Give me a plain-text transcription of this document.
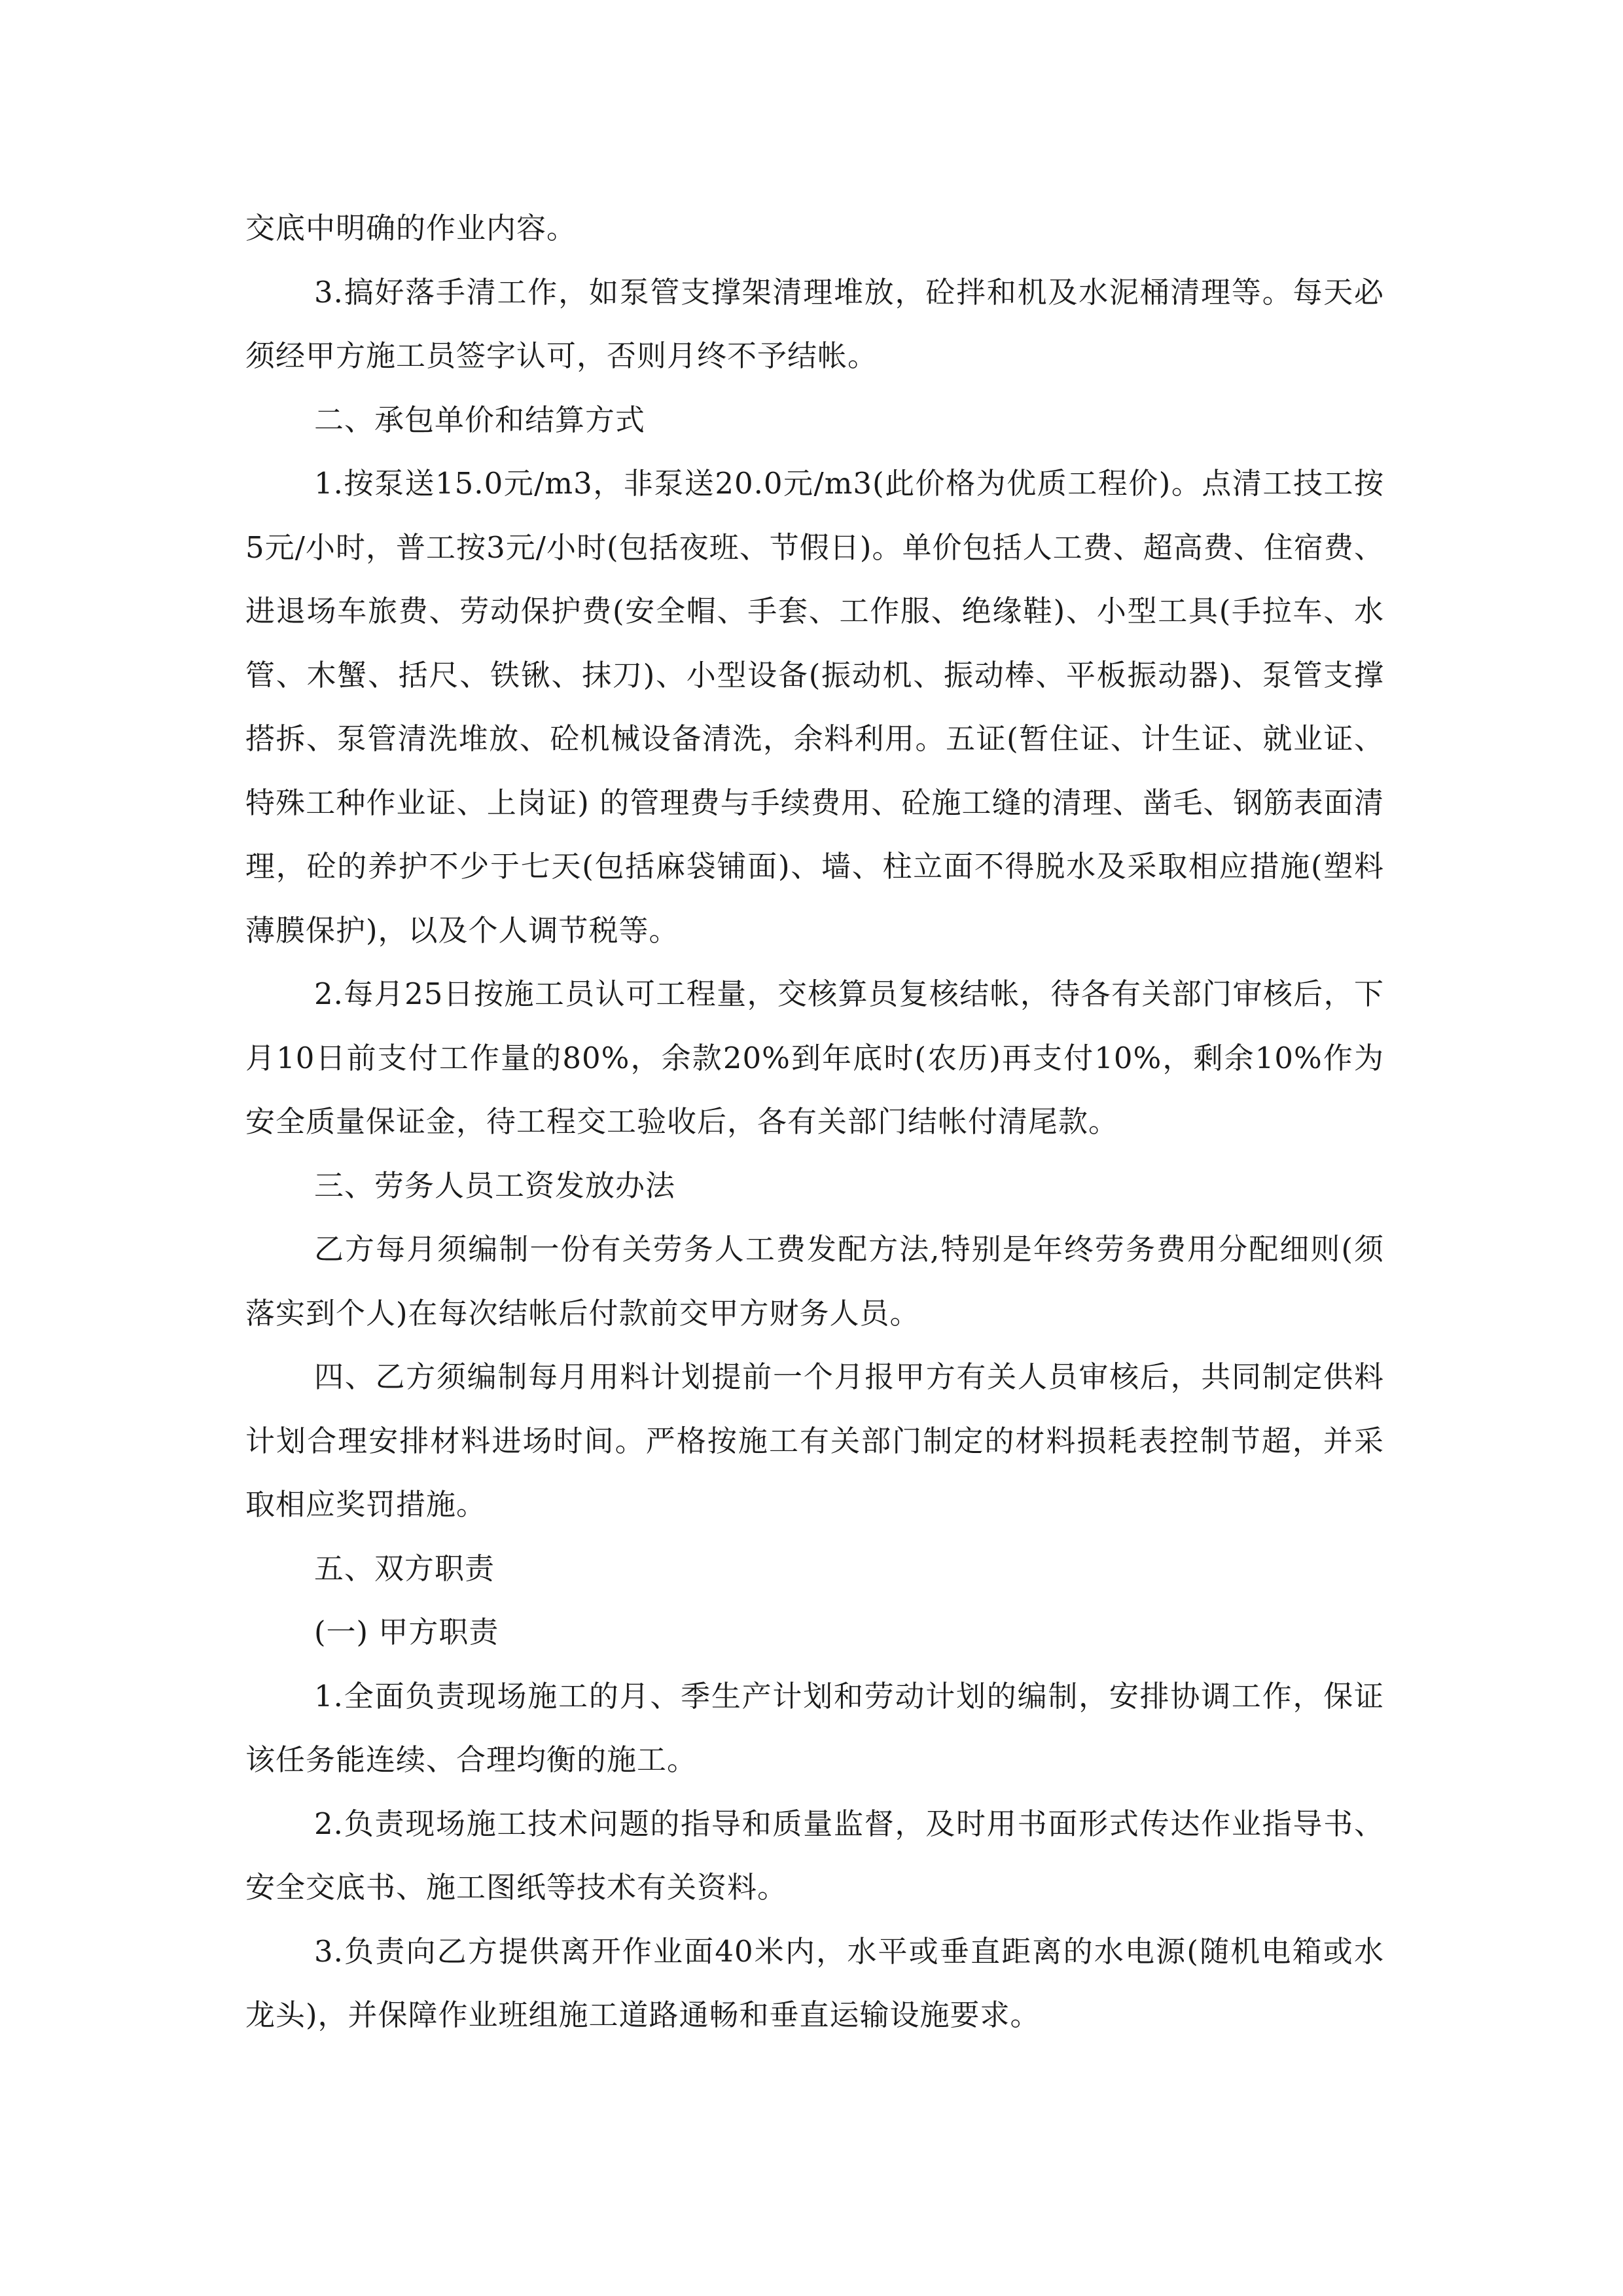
交底中明确的作业内容。

3.搞好落手清工作，如泵管支撑架清理堆放，砼拌和机及水泥桶清理等。每天必须经甲方施工员签字认可，否则月终不予结帐。

二、承包单价和结算方式

1.按泵送15.0元/m3，非泵送20.0元/m3(此价格为优质工程价)。点清工技工按5元/小时，普工按3元/小时(包括夜班、节假日)。单价包括人工费、超高费、住宿费、进退场车旅费、劳动保护费(安全帽、手套、工作服、绝缘鞋)、小型工具(手拉车、水管、木蟹、括尺、铁锹、抹刀)、小型设备(振动机、振动棒、平板振动器)、泵管支撑搭拆、泵管清洗堆放、砼机械设备清洗，余料利用。五证(暂住证、计生证、就业证、特殊工种作业证、上岗证) 的管理费与手续费用、砼施工缝的清理、凿毛、钢筋表面清理，砼的养护不少于七天(包括麻袋铺面)、墙、柱立面不得脱水及采取相应措施(塑料薄膜保护)，以及个人调节税等。

2.每月25日按施工员认可工程量，交核算员复核结帐，待各有关部门审核后，下月10日前支付工作量的80%，余款20%到年底时(农历)再支付10%，剩余10%作为安全质量保证金，待工程交工验收后，各有关部门结帐付清尾款。

三、劳务人员工资发放办法

乙方每月须编制一份有关劳务人工费发配方法,特别是年终劳务费用分配细则(须落实到个人)在每次结帐后付款前交甲方财务人员。

四、乙方须编制每月用料计划提前一个月报甲方有关人员审核后，共同制定供料计划合理安排材料进场时间。严格按施工有关部门制定的材料损耗表控制节超，并采取相应奖罚措施。

五、双方职责

(一) 甲方职责

1.全面负责现场施工的月、季生产计划和劳动计划的编制，安排协调工作，保证该任务能连续、合理均衡的施工。

2.负责现场施工技术问题的指导和质量监督，及时用书面形式传达作业指导书、安全交底书、施工图纸等技术有关资料。

3.负责向乙方提供离开作业面40米内，水平或垂直距离的水电源(随机电箱或水龙头)，并保障作业班组施工道路通畅和垂直运输设施要求。
